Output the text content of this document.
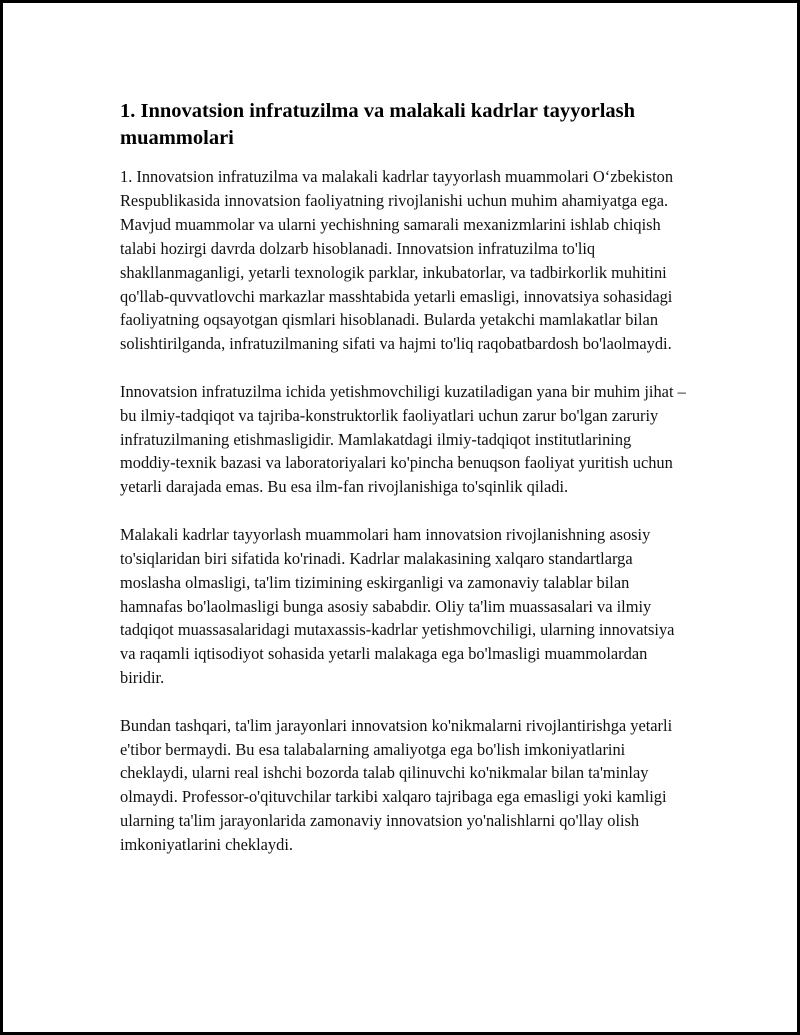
1. Innovatsion infratuzilma va malakali kadrlar tayyorlash muammolari

1. Innovatsion infratuzilma va malakali kadrlar tayyorlash muammolari O‘zbekiston Respublikasida innovatsion faoliyatning rivojlanishi uchun muhim ahamiyatga ega. Mavjud muammolar va ularni yechishning samarali mexanizmlarini ishlab chiqish talabi hozirgi davrda dolzarb hisoblanadi. Innovatsion infratuzilma to'liq shakllanmaganligi, yetarli texnologik parklar, inkubatorlar, va tadbirkorlik muhitini qo'llab-quvvatlovchi markazlar masshtabida yetarli emasligi, innovatsiya sohasidagi faoliyatning oqsayotgan qismlari hisoblanadi. Bularda yetakchi mamlakatlar bilan solishtirilganda, infratuzilmaning sifati va hajmi to'liq raqobatbardosh bo'laolmaydi.

Innovatsion infratuzilma ichida yetishmovchiligi kuzatiladigan yana bir muhim jihat – bu ilmiy-tadqiqot va tajriba-konstruktorlik faoliyatlari uchun zarur bo'lgan zaruriy infratuzilmaning etishmasligidir. Mamlakatdagi ilmiy-tadqiqot institutlarining moddiy-texnik bazasi va laboratoriyalari ko'pincha benuqson faoliyat yuritish uchun yetarli darajada emas. Bu esa ilm-fan rivojlanishiga to'sqinlik qiladi.

Malakali kadrlar tayyorlash muammolari ham innovatsion rivojlanishning asosiy to'siqlaridan biri sifatida ko'rinadi. Kadrlar malakasining xalqaro standartlarga moslasha olmasligi, ta'lim tizimining eskirganligi va zamonaviy talablar bilan hamnafas bo'laolmasligi bunga asosiy sababdir. Oliy ta'lim muassasalari va ilmiy tadqiqot muassasalaridagi mutaxassis-kadrlar yetishmovchiligi, ularning innovatsiya va raqamli iqtisodiyot sohasida yetarli malakaga ega bo'lmasligi muammolardan biridir.

Bundan tashqari, ta'lim jarayonlari innovatsion ko'nikmalarni rivojlantirishga yetarli e'tibor bermaydi. Bu esa talabalarning amaliyotga ega bo'lish imkoniyatlarini cheklaydi, ularni real ishchi bozorda talab qilinuvchi ko'nikmalar bilan ta'minlay olmaydi. Professor-o'qituvchilar tarkibi xalqaro tajribaga ega emasligi yoki kamligi ularning ta'lim jarayonlarida zamonaviy innovatsion yo'nalishlarni qo'llay olish imkoniyatlarini cheklaydi.
